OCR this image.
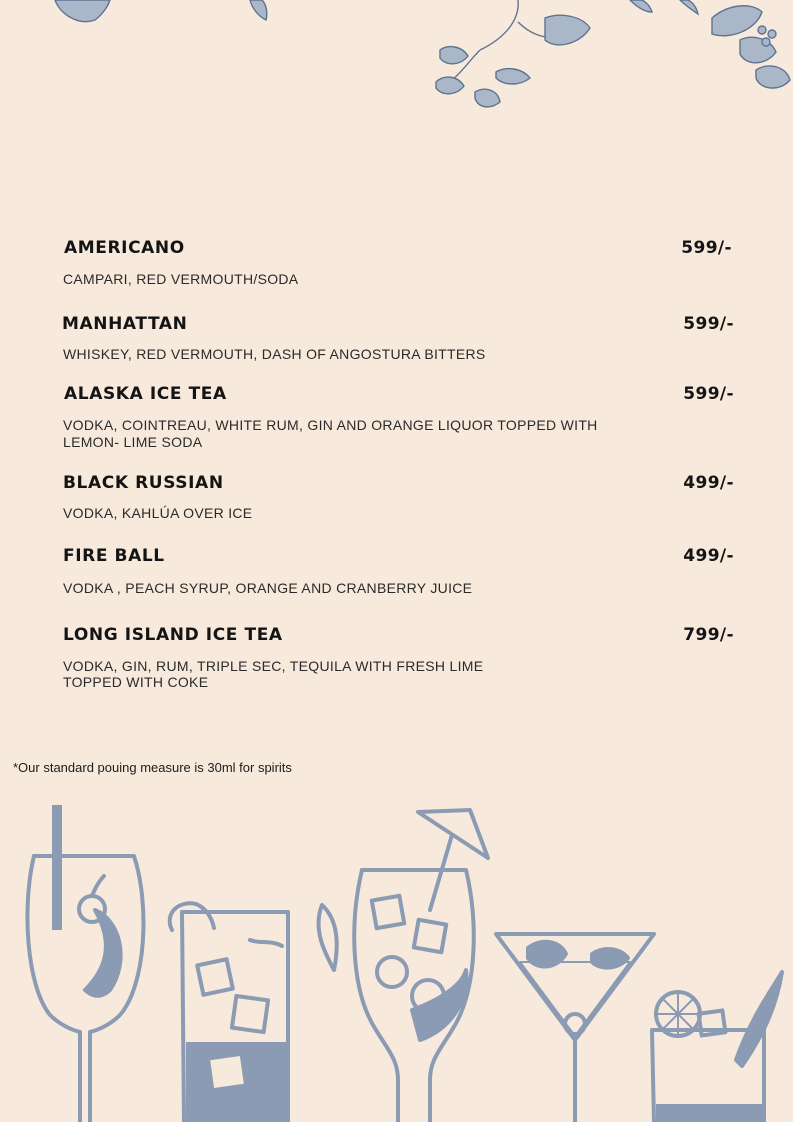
AMERICANO	599/-
CAMPARI, RED VERMOUTH/SODA
MANHATTAN	599/-
WHISKEY, RED VERMOUTH, DASH OF ANGOSTURA BITTERS
ALASKA ICE TEA	599/-
VODKA, COINTREAU, WHITE RUM, GIN AND ORANGE LIQUOR TOPPED WITH LEMON- LIME SODA
BLACK RUSSIAN	499/-
VODKA, KAHLÚA OVER ICE
FIRE BALL	499/-
VODKA , PEACH SYRUP, ORANGE AND CRANBERRY JUICE
LONG ISLAND ICE TEA	799/-
VODKA, GIN, RUM, TRIPLE SEC, TEQUILA WITH FRESH LIME TOPPED WITH COKE
*Our standard pouing measure is 30ml for spirits
